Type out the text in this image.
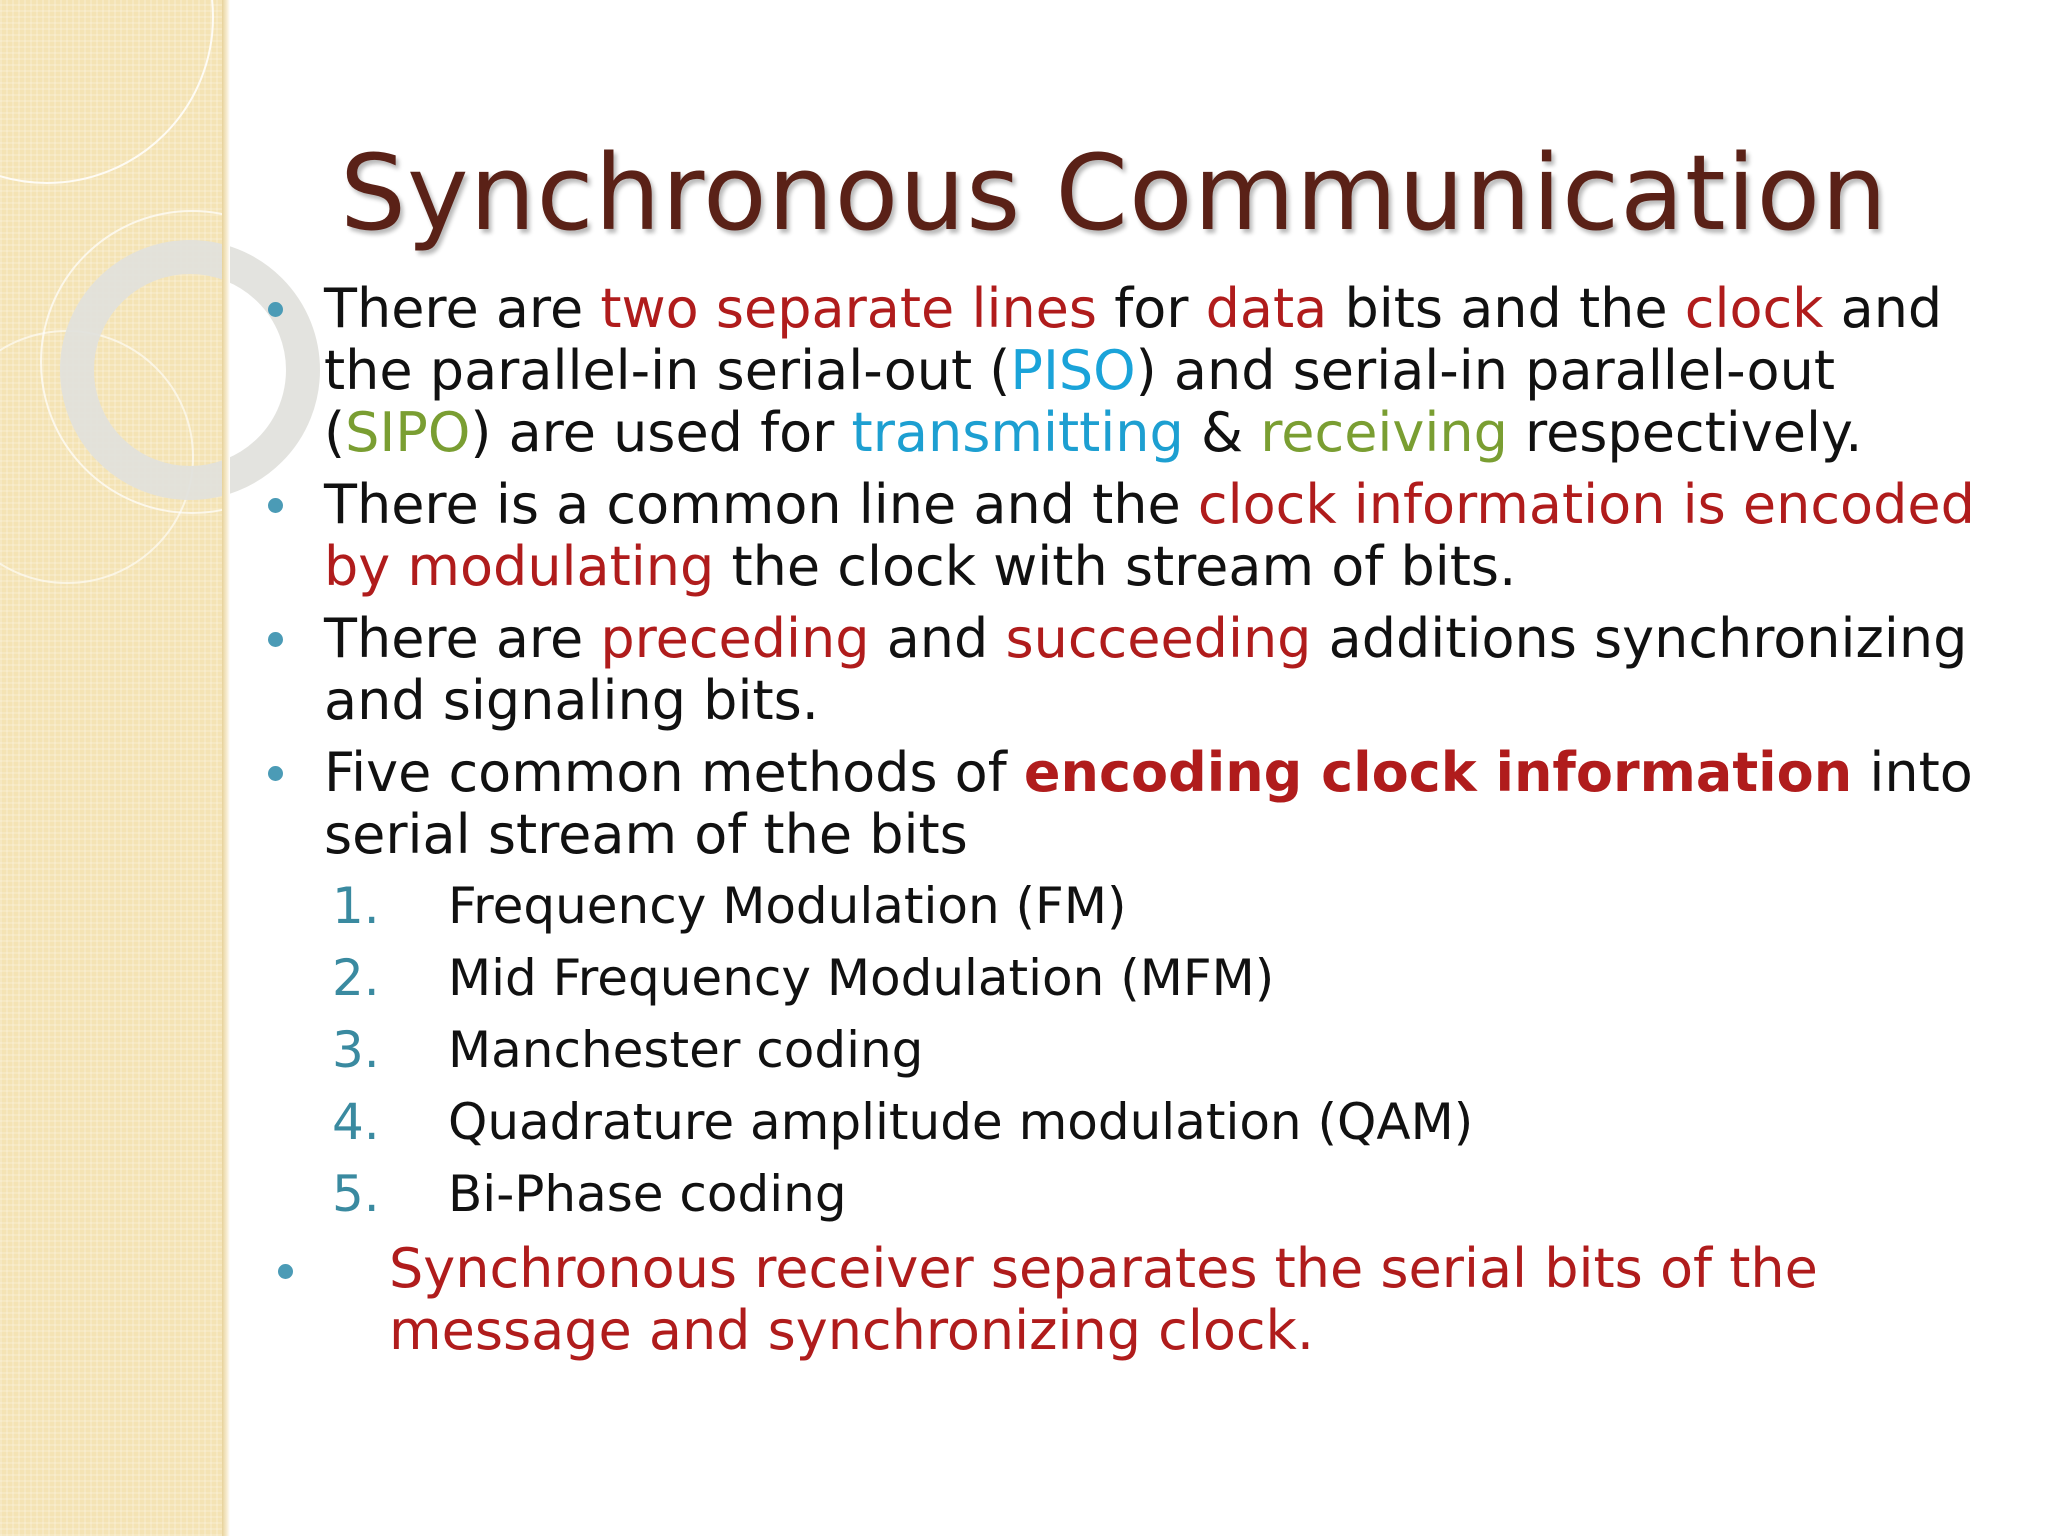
Synchronous Communication
There are two separate lines for data bits and the clock and the parallel-in serial-out (PISO) and serial-in parallel-out (SIPO) are used for transmitting & receiving respectively.
There is a common line and the clock information is encoded by modulating the clock with stream of bits.
There are preceding and succeeding additions synchronizing and signaling bits.
Five common methods of encoding clock information into serial stream of the bits
1. Frequency Modulation (FM)
2. Mid Frequency Modulation (MFM)
3. Manchester coding
4. Quadrature amplitude modulation (QAM)
5. Bi-Phase coding
Synchronous receiver separates the serial bits of the message and synchronizing clock.
